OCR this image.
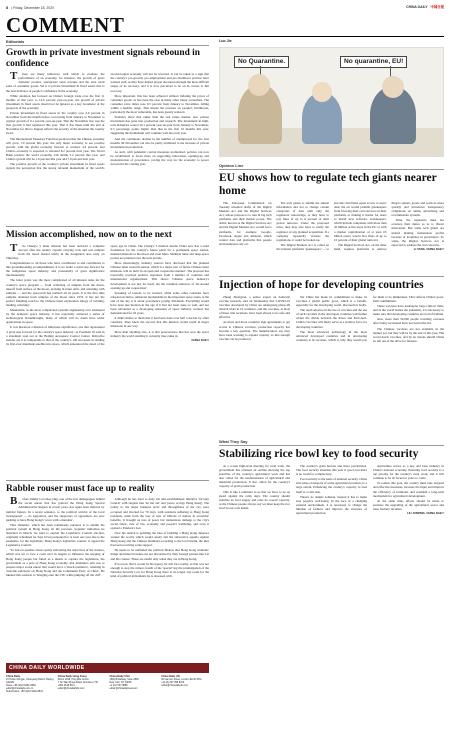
8 | Friday, December 18, 2020	CHINA DAILY 中国日报
COMMENT
Editorials
Growth in private investment signals rebound in confidence

There are many indicators with which to evaluate the performance of an economy, for instance, the growth of gross domestic product, enterprises' sales revenue and the total retail sales of consumer goods. Yet it is private investment in fixed assets that is the best indicator of people's confidence in the economy.

While attention has focused on China's foreign trade over the first 11 months of this year, to 14.6 percent year-on-year, the growth of private investment in fixed assets should not be ignored as a key barometer of the prospects of the economy.

Private investment in fixed assets in the country rose 2.6 percent in November from the month before, recovering from January to November to register growth of 0.1 percent year-on-year. That the November rise was the first growth it had registered this year. That it has taken until the end of November for that to happen reflects the severity of the situation the country faced.

The International Monetary Fund has predicted that the Chinese economy will grow 1.9 percent this year, the only major economy to see positive growth, with the global economy forecast to contract 4.4 percent, and China's economy is expected to rebound 8.2 percent next year. The World Bank predicts the world economy will shrink 5.2 percent this year, and China's growth will be 1.6 percent this year and 7.9 percent next year.

The positive growth of the country's private investment in fixed assets signals the perception that the strong rebound momentum of the world's second-largest economy will not be reversed. It can be taken as a sign that the country's pro-growth, pro-employment and pro-livelihood policies have worked well, as they have helped propel the nation through the most difficult stages of its recovery, and it is now perceived to be on its course to full recovery.

More important, this has been achieved without inflating the prices of consumer goods, as has been the case in many other major economies. The consumer price index rose 0.5 percent from January to November, falling within a healthy range. That means the pressure on people's livelihoods, particularly the most vulnerable, has been greatly reduced.

Statistics show that rather than the real estate market, new private investment has gone into production and research. The investment in high-tech industries soared 10.1 percent year-on-year from January to November, 9.3 percentage points higher than that in the first 10 months this year, suggesting the momentum will continue well into next year.

And the continuous decline in the number of unemployed for the four months till November can also be partly attributed to the increase of private investment in production.

As such, with pandemic control measures normalized, policies can now be recalibrated to focus more on supporting innovation, opening-up and modernization of governance, paving the way for the economy to power forward in the coming year.

Mission accomplished, now on to the next

The Chang'e 5 lunar mission has been declared a complete success after the reentry capsule carrying rock and soil samples from the moon landed safely in the designated area early on Thursday.

Congratulations to all those who have contributed to and contributed to this groundbreaking accomplishment. It is no doubt a solid step forward for the indigenous space industry, and presentably of great significance internationally.

The lunar probe was the most complicated of all mission tasks for the country's space program — from collecting of samples from the moon, takeoff from surface of the moon, docking in lunar orbit, and returning with samples — and the spacecraft has realized all its goals. It is the first time samples obtained from samples of the moon since 1976. It has put the perfect finishing touch to the Chinese lunar exploration trilogy of 'orbiting, landing, returning'.

Meanwhile, as the most complicated systems engineering ever attempted by the domestic space industry, it has reportedly achieved a series of technological breakthroughs, many of which will no doubt have wider applications in space.

It was therefore a mission of milestone significance, one that represented 'a great step forward for the country's space industry', as President Xi said in a statement read out at the Beijing Aerospace Control Center. Indicative besides are it is comparable to that of the country's 100 successes in sending its first-ever manmade satellite into space, which announced the dawn of the space age in China. The Chang'e 5 mission means China now has a solid foundation for the country's future plans for a permanent space station, manned missions to the moon and even Mars. Multiple lunar and deep-space probes are planned over the next decade.

More interestingly, industry sources have disclosed that the planned Chinese lunar research station, which is a major part of future Chinese lunar missions, will be built 'in an open and cooperative manner'. The proposal has reportedly received positive responses from a number of countries and international organizations. This shows 'Chinese space industry's development is not just for itself, but the common endeavor of 'all-around opening up and cooperation'.

Speaking of lessons to be learned, while some other countries have adopted exclusive, unilateral mechanisms in the important space arena, at the end of the day it is about governance paying dividends. Everything would have been just modern in the age if it had not been done so well, and not been rebranded as a developing sensation of space industry workers has demonstrated for 63 years.

It didn't matter to them that it had been done over half a decade by other countries. They knew the success that this mission would result in major milestone in one way.

More than anything else, it is that perseverance that has won the space industry the world standing it currently take ranks in.

CHINA DAILY
Rabble rouser must face up to reality

Before Jimmy Lai Chee-ying, one of the few demagogues behind the social unrest that has grieved the Hong Kong Special Administrative Region in recent years, has again been indicted by judicial figures. In a recent sentence, to the political activist of the local 'beleaguered' — its supporters, and the supporters of opposition, are now pushing to have Hong Kong's 'wave with a mandate'.

That 'mandate', which has been relentlessly pursued, is to submit the political system in Hong Kong. In the previous 'populist' initiatives he launched in March, 'he tried to exploit the Legislative Council election, originally scheduled for Sept 6 but postponed for at least one year due to the pandemic, for the legislature, Hong Kong's legislative council, to appeal the Legislative Council.

'To bait on quashes about openly subverting the objectives of the statutes, which was set to face a court trial in August to influence the keeping of Hong Kong people but failed as a means to capture the legislature, the government as a pole of Hong Kong economy, that dilemma's aim was to prepare major social unrest that would force a 'shock resilience', resulting in 'extreme sanctions' on Hong Kong and the Communist Party of China'. He likened this scenario to 'bringing onto the CPC while jumping off the cliff'.

Although he has tried to deny his anti-establishment initiative 'Occupy Central' with slogans like 'let me out' and 'peace occupy Hong Kong', The reality is, the major business tactic and throughfares of the city were occupied and blocked for 79 days, with residents suffering to Hong Kong residents, aside from the loss of tens of billions of dollars in economic benefits. It brought us loss of peace but tremendous damage to the city's social fabric, rule of law, economy and people's wellbeing, and even it opened a Pandora's box.

Now his radical is peddling the idea of building a Hong Kong diaspora around the world, which would surely suit his subversive agenda against Hong Kong and the Chinese mainland according to the local media, the idea has been receiving some support.

He needs to be reminded the political finance that Hong Kong residents' things and mixed revenue are not discounted by their foreign patrons like Lai and his cronies. These are useful only when they are in Hong Kong.

If not now that it would be his legacy, he will face reality, as that was not enough to stop the rumors fourth of the 'special' ing the promulgation of the National Security Law for Hong Kong there is no longer any room for the kind of political incitements he is obsessed with.

CHINA DAILY WORLDWIDE
China Daily
15 Huixin Dongjie, Chaoyang District, Beijing 100029
News: +86 (0)10 6491-8366
editor@chinadaily.com.cn
Subscription: +86 (0)10 6491-8631
China Daily Hong Kong
Room 1818, Hing Wai Centre
7 Tin Wan Praya Road, Aberdeen, HK
+852 2518 5111
editor@chinadailyhk.com
China Daily USA
1500 Broadway, Suite 2800
New York, NY 10036
+1 212 537 8888
editor@chinadailyusa.com
China Daily UK
90 Cannon Street, London EC4N 6HA
+44 (0) 207 398 8270
editor@chinadailyuk.com
Luo Jie
No Quarantine.	No quarantine, EU!
Opinion Line
EU shows how to regulate tech giants nearer home

The European Commission on Tuesday unveiled drafts of the Digital Markets Act and the Digital Services Act, whose purpose is to rein in big tech platforms and their market power. The drafts, known as the Digital Services Act and the Digital Markets Act, would force platforms, for example Google, Facebook, Apple and Amazon, which control data and platforms that people and businesses rely on.

The tech giants to submit the annual information and not to change certain categories of data with only the regulators' knowledge, or they have to pay fines of up to 6 percent of their global turnover. Under the proposed rules, they may also have to notify the regulator of any planned acquisition. If a company repeatedly violates the regulations, it could be broken up.

The Digital Markets Act is called on the internet platforms 'gatekeepers' — to provide rival firms equal access to users' data; the act would prohibit gatekeepers from favoring their own services on their platforms or making it harder for users to install new software. Gatekeepers, which include companies with more than 45 million active users in the EU or with a market capitalization of at least 65 billion euros, would face fines of up to 10 percent of their global turnover.

The Digital Services Act, on the other hand, requires platforms to remove illegal content, goods and services more quickly and introduces transparency obligations on online advertising and recommender systems.

Time, the regulators must not overstep their duties so as to thwart innovation. But some tech giants are indeed making tremendous profits because of loopholes in governance. To some, the Digital Services Act is expected to address the real concerns.

LI YANG, CHINA DAILY
Injection of hope for developing countries

Zheng Zhongwei, a senior expert on domestic vaccine research, said on Wednesday that COVID-19 vaccines developed by China are undergoing phase-III clinical trials in 10 countries, and the vaccines, at most of these trial locations, have been shown to be safe and effective.

As more and more countries sign agreements to get access to Chinese vaccines, production capacity has become a key question. The manufacturers say they have been working to expand capacity so that enough vaccine can be produced.

Yet China has made its commitment to make its vaccines a global public good, which is a benefit, especially for the developing world, that needs it badly.

The rapid advance in the use of vaccines and the use of such vaccines in the developed countries will further widen the divide between the haves and have-nots. China's vaccines will likely serve as a positive force for developing countries.

The most advanced technology in the most advanced developed countries and in developing countries is in vaccines, which is why they would pay for them to be immunized. That reflects China's good-faith commitment.

These vaccines have undergone large clinical trials, and as the world battles the pandemic, it is necessary to make sure that developing countries are not left behind.

Also, more than 50,000 people traveling overseas after being vaccinated have not been infected.

The Chinese vaccines are not available in the market yet, but they will be by the end of this year. The world needs vaccines, and by no means should China be left out of the drive for fairness.

What They Say
Stabilizing rice bowl key to food security

At a recent high-level meeting for rural work, the government has released an outline showing the top priorities of the country's agricultural work and has also called for the modernization of agricultural and industrial production. It also called for the country's capacity of grain production.

This is like a reminder to us that we have to be on guard against the rainy days. The country should stabilize its food supply and raise its overall capacity, as the Chinese people always say we must keep the rice bowl in our own hands.

The country's grain harvest and more precipitated. The food security situation this year is good, but there is no room for complacency.

Food security is the basis of national security. China still relies on imports of some agricultural products to a large extent. Enhancing the country's capacity to feed itself is a vital task.

There's no simple solution, instead it has to make sure people's well-being. In the face of a changing external environment, it is necessary to change the mindset of farmers and improve the structure of agricultural production.

Agriculture serves as a key and base industry in China's national economy. Ensuring food security is a top priority for the country's rural work, and it will continue to be its focus for years to come.

To realize this goal, the country must take targeted and effective measures, increase the input and improve the efficiency of farmland, and establish a long-term mechanism for agricultural development.

At the same time, efforts should be made to promote the upgrading of the agricultural sector and raise farmers' incomes.

LIU JUNPING, CHINA DAILY
